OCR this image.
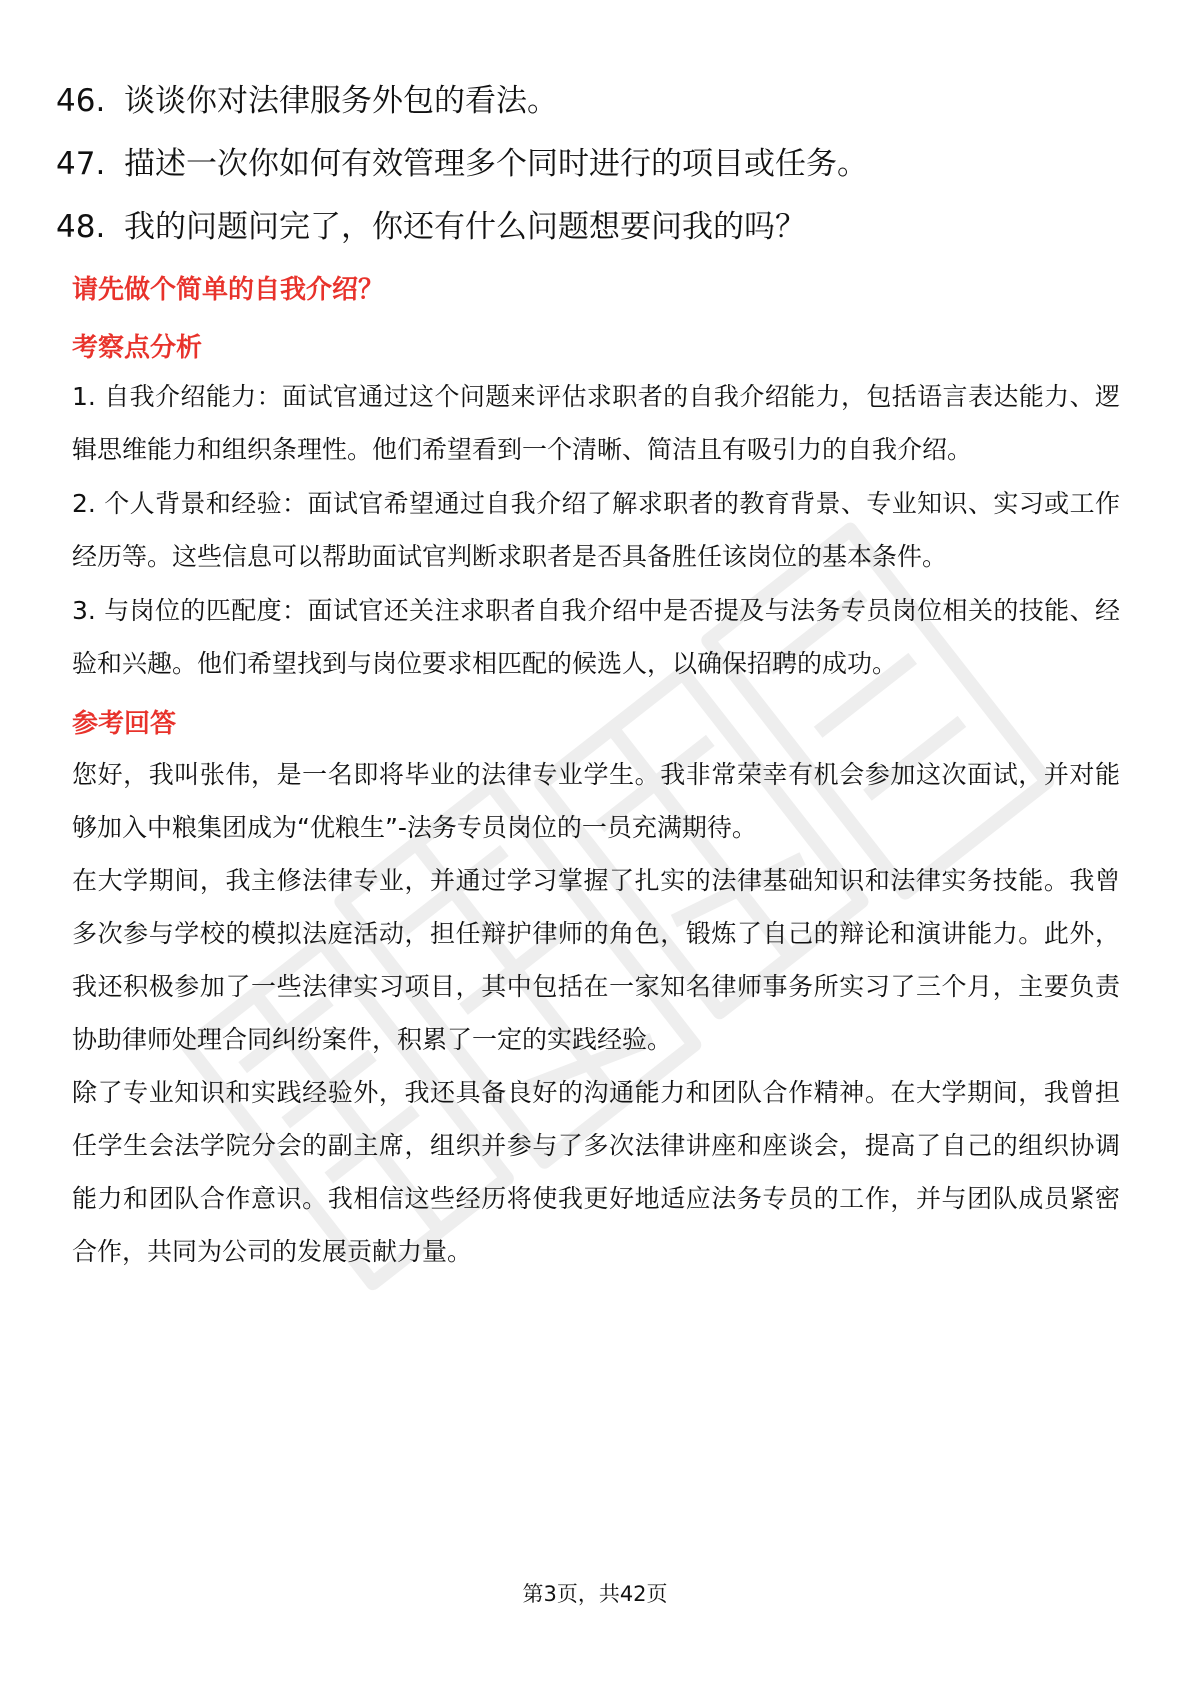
46. 谈谈你对法律服务外包的看法。
47. 描述一次你如何有效管理多个同时进行的项目或任务。
48. 我的问题问完了，你还有什么问题想要问我的吗？
请先做个简单的自我介绍？
考察点分析

1. 自我介绍能力：面试官通过这个问题来评估求职者的自我介绍能力，包括语言表达能力、逻辑思维能力和组织条理性。他们希望看到一个清晰、简洁且有吸引力的自我介绍。

2. 个人背景和经验：面试官希望通过自我介绍了解求职者的教育背景、专业知识、实习或工作经历等。这些信息可以帮助面试官判断求职者是否具备胜任该岗位的基本条件。

3. 与岗位的匹配度：面试官还关注求职者自我介绍中是否提及与法务专员岗位相关的技能、经验和兴趣。他们希望找到与岗位要求相匹配的候选人，以确保招聘的成功。

参考回答

您好，我叫张伟，是一名即将毕业的法律专业学生。我非常荣幸有机会参加这次面试，并对能够加入中粮集团成为“优粮生”-法务专员岗位的一员充满期待。

在大学期间，我主修法律专业，并通过学习掌握了扎实的法律基础知识和法律实务技能。我曾多次参与学校的模拟法庭活动，担任辩护律师的角色，锻炼了自己的辩论和演讲能力。此外，我还积极参加了一些法律实习项目，其中包括在一家知名律师事务所实习了三个月，主要负责协助律师处理合同纠纷案件，积累了一定的实践经验。

除了专业知识和实践经验外，我还具备良好的沟通能力和团队合作精神。在大学期间，我曾担任学生会法学院分会的副主席，组织并参与了多次法律讲座和座谈会，提高了自己的组织协调能力和团队合作意识。我相信这些经历将使我更好地适应法务专员的工作，并与团队成员紧密合作，共同为公司的发展贡献力量。

第3页，共42页
